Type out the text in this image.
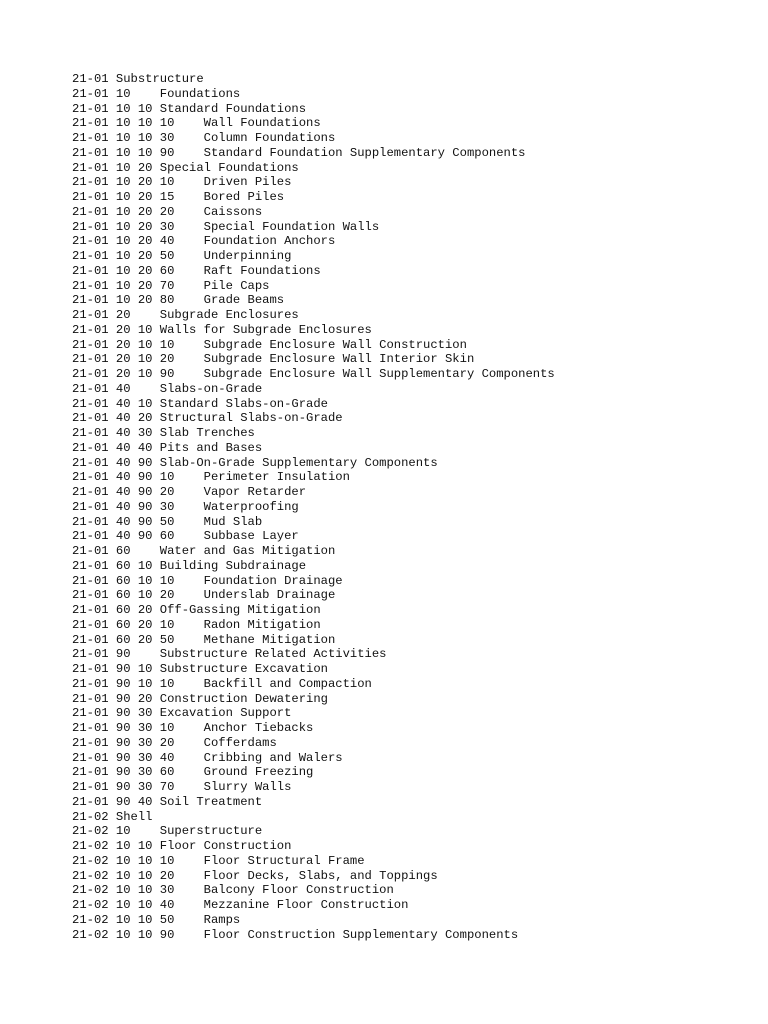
21-01 Substructure
21-01 10    Foundations
21-01 10 10 Standard Foundations
21-01 10 10 10    Wall Foundations
21-01 10 10 30    Column Foundations
21-01 10 10 90    Standard Foundation Supplementary Components
21-01 10 20 Special Foundations
21-01 10 20 10    Driven Piles
21-01 10 20 15    Bored Piles
21-01 10 20 20    Caissons
21-01 10 20 30    Special Foundation Walls
21-01 10 20 40    Foundation Anchors
21-01 10 20 50    Underpinning
21-01 10 20 60    Raft Foundations
21-01 10 20 70    Pile Caps
21-01 10 20 80    Grade Beams
21-01 20    Subgrade Enclosures
21-01 20 10 Walls for Subgrade Enclosures
21-01 20 10 10    Subgrade Enclosure Wall Construction
21-01 20 10 20    Subgrade Enclosure Wall Interior Skin
21-01 20 10 90    Subgrade Enclosure Wall Supplementary Components
21-01 40    Slabs-on-Grade
21-01 40 10 Standard Slabs-on-Grade
21-01 40 20 Structural Slabs-on-Grade
21-01 40 30 Slab Trenches
21-01 40 40 Pits and Bases
21-01 40 90 Slab-On-Grade Supplementary Components
21-01 40 90 10    Perimeter Insulation
21-01 40 90 20    Vapor Retarder
21-01 40 90 30    Waterproofing
21-01 40 90 50    Mud Slab
21-01 40 90 60    Subbase Layer
21-01 60    Water and Gas Mitigation
21-01 60 10 Building Subdrainage
21-01 60 10 10    Foundation Drainage
21-01 60 10 20    Underslab Drainage
21-01 60 20 Off-Gassing Mitigation
21-01 60 20 10    Radon Mitigation
21-01 60 20 50    Methane Mitigation
21-01 90    Substructure Related Activities
21-01 90 10 Substructure Excavation
21-01 90 10 10    Backfill and Compaction
21-01 90 20 Construction Dewatering
21-01 90 30 Excavation Support
21-01 90 30 10    Anchor Tiebacks
21-01 90 30 20    Cofferdams
21-01 90 30 40    Cribbing and Walers
21-01 90 30 60    Ground Freezing
21-01 90 30 70    Slurry Walls
21-01 90 40 Soil Treatment
21-02 Shell
21-02 10    Superstructure
21-02 10 10 Floor Construction
21-02 10 10 10    Floor Structural Frame
21-02 10 10 20    Floor Decks, Slabs, and Toppings
21-02 10 10 30    Balcony Floor Construction
21-02 10 10 40    Mezzanine Floor Construction
21-02 10 10 50    Ramps
21-02 10 10 90    Floor Construction Supplementary Components
